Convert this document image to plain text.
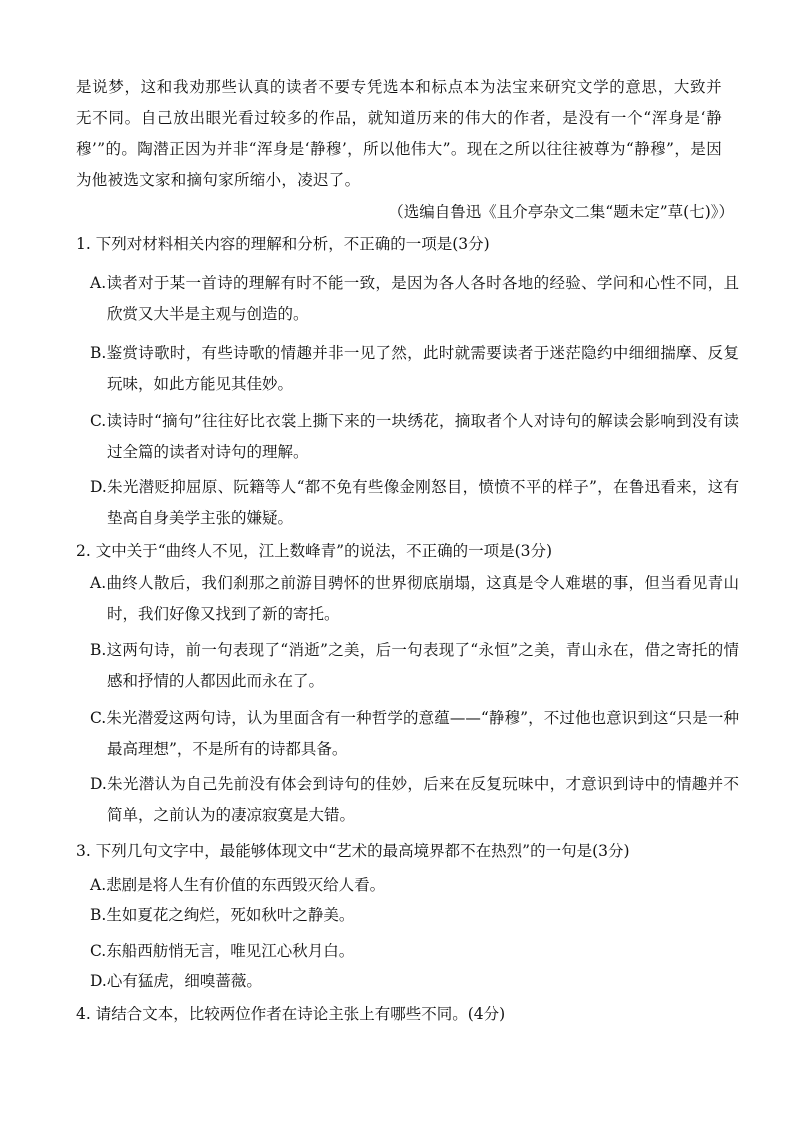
是说梦，这和我劝那些认真的读者不要专凭选本和标点本为法宝来研究文学的意思，大致并无不同。自己放出眼光看过较多的作品，就知道历来的伟大的作者，是没有一个“浑身是‘静穆’”的。陶潜正因为并非“浑身是‘静穆’，所以他伟大”。现在之所以往往被尊为“静穆”，是因为他被选文家和摘句家所缩小，凌迟了。
（选编自鲁迅《且介亭杂文二集“题未定”草(七)》）
1. 下列对材料相关内容的理解和分析，不正确的一项是(3分)
A.读者对于某一首诗的理解有时不能一致，是因为各人各时各地的经验、学问和心性不同，且欣赏又大半是主观与创造的。
B.鉴赏诗歌时，有些诗歌的情趣并非一见了然，此时就需要读者于迷茫隐约中细细揣摩、反复玩味，如此方能见其佳妙。
C.读诗时“摘句”往往好比衣裳上撕下来的一块绣花，摘取者个人对诗句的解读会影响到没有读过全篇的读者对诗句的理解。
D.朱光潜贬抑屈原、阮籍等人“都不免有些像金刚怒目，愤愤不平的样子”，在鲁迅看来，这有垫高自身美学主张的嫌疑。
2. 文中关于“曲终人不见，江上数峰青”的说法，不正确的一项是(3分)
A.曲终人散后，我们刹那之前游目骋怀的世界彻底崩塌，这真是令人难堪的事，但当看见青山时，我们好像又找到了新的寄托。
B.这两句诗，前一句表现了“消逝”之美，后一句表现了“永恒”之美，青山永在，借之寄托的情感和抒情的人都因此而永在了。
C.朱光潜爱这两句诗，认为里面含有一种哲学的意蕴——“静穆”，不过他也意识到这“只是一种最高理想”，不是所有的诗都具备。
D.朱光潜认为自己先前没有体会到诗句的佳妙，后来在反复玩味中，才意识到诗中的情趣并不简单，之前认为的凄凉寂寞是大错。
3. 下列几句文字中，最能够体现文中“艺术的最高境界都不在热烈”的一句是(3分)
A.悲剧是将人生有价值的东西毁灭给人看。
B.生如夏花之绚烂，死如秋叶之静美。
C.东船西舫悄无言，唯见江心秋月白。
D.心有猛虎，细嗅蔷薇。
4. 请结合文本，比较两位作者在诗论主张上有哪些不同。(4分)
